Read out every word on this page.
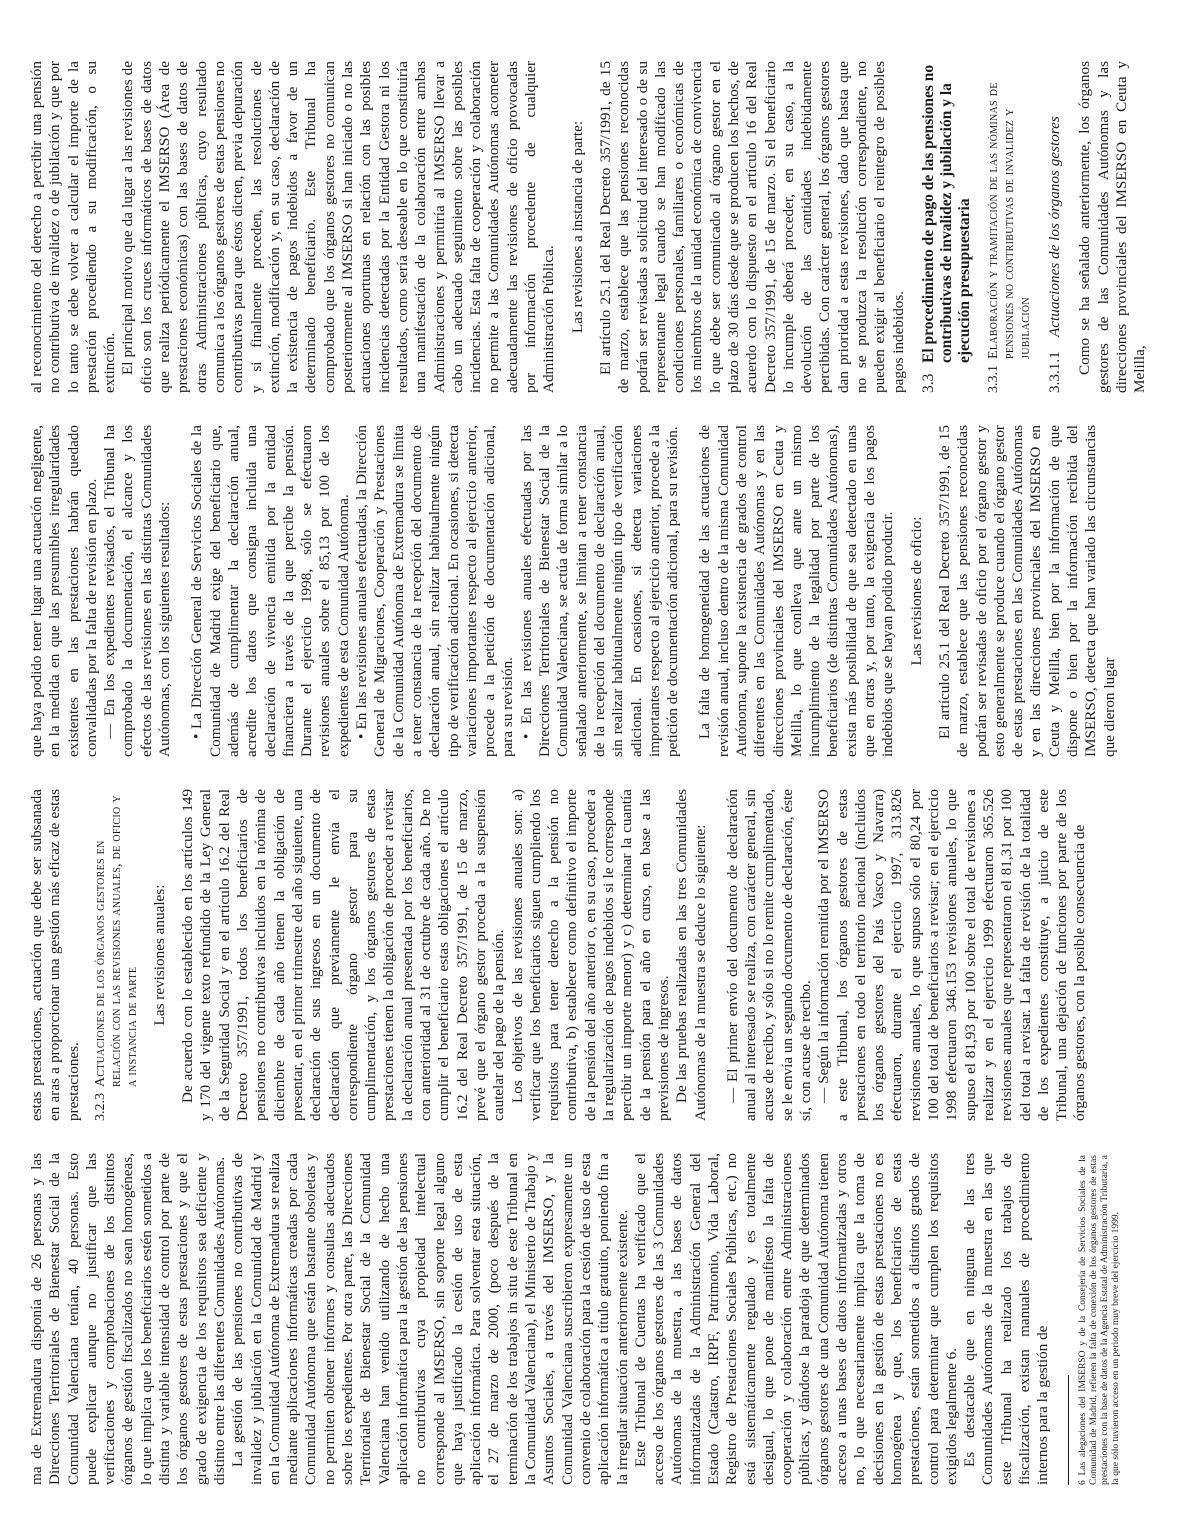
ma de Extremadura disponía de 26 personas y las Direcciones Territoriales de Bienestar Social de la Comunidad Valenciana tenían, 40 personas. Esto puede explicar aunque no justificar que las verificaciones y comprobaciones de los distintos órganos de gestión fiscalizados no sean homogéneas, lo que implica que los beneficiarios estén sometidos a distinta y variable intensidad de control por parte de los órganos gestores de estas prestaciones y que el grado de exigencia de los requisitos sea deficiente y distinto entre las diferentes Comunidades Autónomas. La gestión de las pensiones no contributivas de invalidez y jubilación en la Comunidad de Madrid y en la Comunidad Autónoma de Extremadura se realiza mediante aplicaciones informáticas creadas por cada Comunidad Autónoma que están bastante obsoletas y no permiten obtener informes y consultas adecuados sobre los expedientes. Por otra parte, las Direcciones Territoriales de Bienestar Social de la Comunidad Valenciana han venido utilizando de hecho una aplicación informática para la gestión de las pensiones no contributivas cuya propiedad intelectual corresponde al IMSERSO, sin soporte legal alguno que haya justificado la cesión de uso de esta aplicación informática. Para solventar esta situación, el 27 de marzo de 2000, (poco después de la terminación de los trabajos in situ de este Tribunal en la Comunidad Valenciana), el Ministerio de Trabajo y Asuntos Sociales, a través del IMSERSO, y la Comunidad Valenciana suscribieron expresamente un convenio de colaboración para la cesión de uso de esta aplicación informática a título gratuito, poniendo fin a la irregular situación anteriormente existente. Este Tribunal de Cuentas ha verificado que el acceso de los órganos gestores de las 3 Comunidades Autónomas de la muestra, a las bases de datos informatizadas de la Administración General del Estado (Catastro, IRPF, Patrimonio, Vida Laboral, Registro de Prestaciones Sociales Públicas, etc.) no está sistemáticamente regulado y es totalmente desigual, lo que pone de manifiesto la falta de cooperación y colaboración entre Administraciones públicas, y dándose la paradoja de que determinados órganos gestores de una Comunidad Autónoma tienen acceso a unas bases de datos informatizadas y otros no, lo que necesariamente implica que la toma de decisiones en la gestión de estas prestaciones no es homogénea y que, los beneficiarios de estas prestaciones, están sometidos a distintos grados de control para determinar que cumplen los requisitos exigidos legalmente 6. Es destacable que en ninguna de las tres Comunidades Autónomas de la muestra en las que este Tribunal ha realizado los trabajos de fiscalización, existan manuales de procedimiento internos para la gestión de

estas prestaciones, actuación que debe ser subsanada en aras a proporcionar una gestión más eficaz de estas prestaciones. 3.2.3
Actuaciones de los órganos gestores en relación con las revisiones anuales, de oficio y a instancia de parte

Las revisiones anuales: De acuerdo con lo establecido en los artículos 149 y 170 del vigente texto refundido de la Ley General de la Seguridad Social y en el artículo 16.2 del Real Decreto 357/1991, todos los beneficiarios de pensiones no contributivas incluidos en la nómina de diciembre de cada año tienen la obligación de presentar, en el primer trimestre del año siguiente, una declaración de sus ingresos en un documento de declaración que previamente le envía el correspondiente órgano gestor para su cumplimentación, y los órganos gestores de estas prestaciones tienen la obligación de proceder a revisar la declaración anual presentada por los beneficiarios, con anterioridad al 31 de octubre de cada año. De no cumplir el beneficiario estas obligaciones el artículo 16.2 del Real Decreto 357/1991, de 15 de marzo, prevé que el órgano gestor proceda a la suspensión cautelar del pago de la pensión. Los objetivos de las revisiones anuales son: a) verificar que los beneficiarios siguen cumpliendo los requisitos para tener derecho a la pensión no contributiva, b) establecer como definitivo el importe de la pensión del año anterior o, en su caso, proceder a la regularización de pagos indebidos si le corresponde percibir un importe menor) y c) determinar la cuantía de la pensión para el año en curso, en base a las previsiones de ingresos. De las pruebas realizadas en las tres Comunidades Autónomas de la muestra se deduce lo siguiente: — El primer envío del documento de declaración anual al interesado se realiza, con carácter general, sin acuse de recibo, y sólo si no lo remite cumplimentado, se le envía un segundo documento de declaración, éste sí, con acuse de recibo. — Según la información remitida por el IMSERSO a este Tribunal, los órganos gestores de estas prestaciones en todo el territorio nacional (incluidos los órganos gestores del País Vasco y Navarra) efectuaron, durante el ejercicio 1997, 313.826 revisiones anuales, lo que supuso sólo el 80,24 por 100 del total de beneficiarios a revisar; en el ejercicio 1998 efectuaron 346.153 revisiones anuales, lo que supuso el 81,93 por 100 sobre el total de revisiones a realizar y en el ejercicio 1999 efectuaron 365.526 revisiones anuales que representaron el 81,31 por 100 del total a revisar. La falta de revisión de la totalidad de los expedientes constituye, a juicio de este Tribunal, una dejación de funciones por parte de los órganos gestores, con la posible consecuencia de

que haya podido tener lugar una actuación negligente, en la medida en que las presumibles irregularidades existentes en las prestaciones habrán quedado convalidadas por la falta de revisión en plazo. — En los expedientes revisados, el Tribunal ha comprobado la documentación, el alcance y los efectos de las revisiones en las distintas Comunidades Autónomas, con los siguientes resultados: • La Dirección General de Servicios Sociales de la Comunidad de Madrid exige del beneficiario que, además de cumplimentar la declaración anual, acredite los datos que consigna incluida una declaración de vivencia emitida por la entidad financiera a través de la que percibe la pensión. Durante el ejercicio 1998, sólo se efectuaron revisiones anuales sobre el 85,13 por 100 de los expedientes de esta Comunidad Autónoma. • En las revisiones anuales efectuadas, la Dirección General de Migraciones, Cooperación y Prestaciones de la Comunidad Autónoma de Extremadura se limita a tener constancia de la recepción del documento de declaración anual, sin realizar habitualmente ningún tipo de verificación adicional. En ocasiones, si detecta variaciones importantes respecto al ejercicio anterior, procede a la petición de documentación adicional, para su revisión. • En las revisiones anuales efectuadas por las Direcciones Territoriales de Bienestar Social de la Comunidad Valenciana, se actúa de forma similar a lo señalado anteriormente, se limitan a tener constancia de la recepción del documento de declaración anual, sin realizar habitualmente ningún tipo de verificación adicional. En ocasiones, si detecta variaciones importantes respecto al ejercicio anterior, procede a la petición de documentación adicional, para su revisión. La falta de homogeneidad de las actuaciones de revisión anual, incluso dentro de la misma Comunidad Autónoma, supone la existencia de grados de control diferentes en las Comunidades Autónomas y en las direcciones provinciales del IMSERSO en Ceuta y Melilla, lo que conlleva que ante un mismo incumplimiento de la legalidad por parte de los beneficiarios (de distintas Comunidades Autónomas), exista más posibilidad de que sea detectado en unas que en otras y, por tanto, la exigencia de los pagos indebidos que se hayan podido producir. Las revisiones de oficio: El artículo 25.1 del Real Decreto 357/1991, de 15 de marzo, establece que las pensiones reconocidas podrán ser revisadas de oficio por el órgano gestor y esto generalmente se produce cuando el órgano gestor de estas prestaciones en las Comunidades Autónomas y en las direcciones provinciales del IMSERSO en Ceuta y Melilla, bien por la información de que dispone o bien por la información recibida del IMSERSO, detecta que han variado las circunstancias que dieron lugar

al reconocimiento del derecho a percibir una pensión no contributiva de invalidez o de jubilación y que por lo tanto se debe volver a calcular el importe de la prestación procediendo a su modificación, o su extinción. El principal motivo que da lugar a las revisiones de oficio son los cruces informáticos de bases de datos que realiza periódicamente el IMSERSO (Área de prestaciones económicas) con las bases de datos de otras Administraciones públicas, cuyo resultado comunica a los órganos gestores de estas pensiones no contributivas para que éstos dicten, previa depuración y si finalmente proceden, las resoluciones de extinción, modificación y, en su caso, declaración de la existencia de pagos indebidos a favor de un determinado beneficiario. Este Tribunal ha comprobado que los órganos gestores no comunican posteriormente al IMSERSO si han iniciado o no las actuaciones oportunas en relación con las posibles incidencias detectadas por la Entidad Gestora ni los resultados, como sería deseable en lo que constituiría una manifestación de la colaboración entre ambas Administraciones y permitiría al IMSERSO llevar a cabo un adecuado seguimiento sobre las posibles incidencias. Esta falta de cooperación y colaboración no permite a las Comunidades Autónomas acometer adecuadamente las revisiones de oficio provocadas por información procedente de cualquier Administración Pública. Las revisiones a instancia de parte: El artículo 25.1 del Real Decreto 357/1991, de 15 de marzo, establece que las pensiones reconocidas podrán ser revisadas a solicitud del interesado o de su representante legal cuando se han modificado las condiciones personales, familiares o económicas de los miembros de la unidad económica de convivencia lo que debe ser comunicado al órgano gestor en el plazo de 30 días desde que se producen los hechos, de acuerdo con lo dispuesto en el artículo 16 del Real Decreto 357/1991, de 15 de marzo. Si el beneficiario lo incumple deberá proceder, en su caso, a la devolución de las cantidades indebidamente percibidas. Con carácter general, los órganos gestores dan prioridad a estas revisiones, dado que hasta que no se produzca la resolución correspondiente, no pueden exigir al beneficiario el reintegro de posibles pagos indebidos. 3.3
El procedimiento de pago de las pensiones no contributivas de invalidez y jubilación y la ejecución presupuestaria
3.3.1
Elaboración y tramitación de las nóminas de pensiones no contributivas de invalidez y jubilación
3.3.1.1
Actuaciones de los órganos gestores Como se ha señalado anteriormente, los órganos gestores de las Comunidades Autónomas y las direcciones provinciales del IMSERSO en Ceuta y Melilla,

6 Las alegaciones del IMSERSO y de la Consejería de Servicios Sociales de la Comunidad de Madrid, refieren la falta de conexión de los órganos gestores de estas prestaciones con la base de datos de la Agencia Estatal de Administración Tributaria, a la que sólo tuvieron acceso en un periodo muy breve del ejercicio 1999.
